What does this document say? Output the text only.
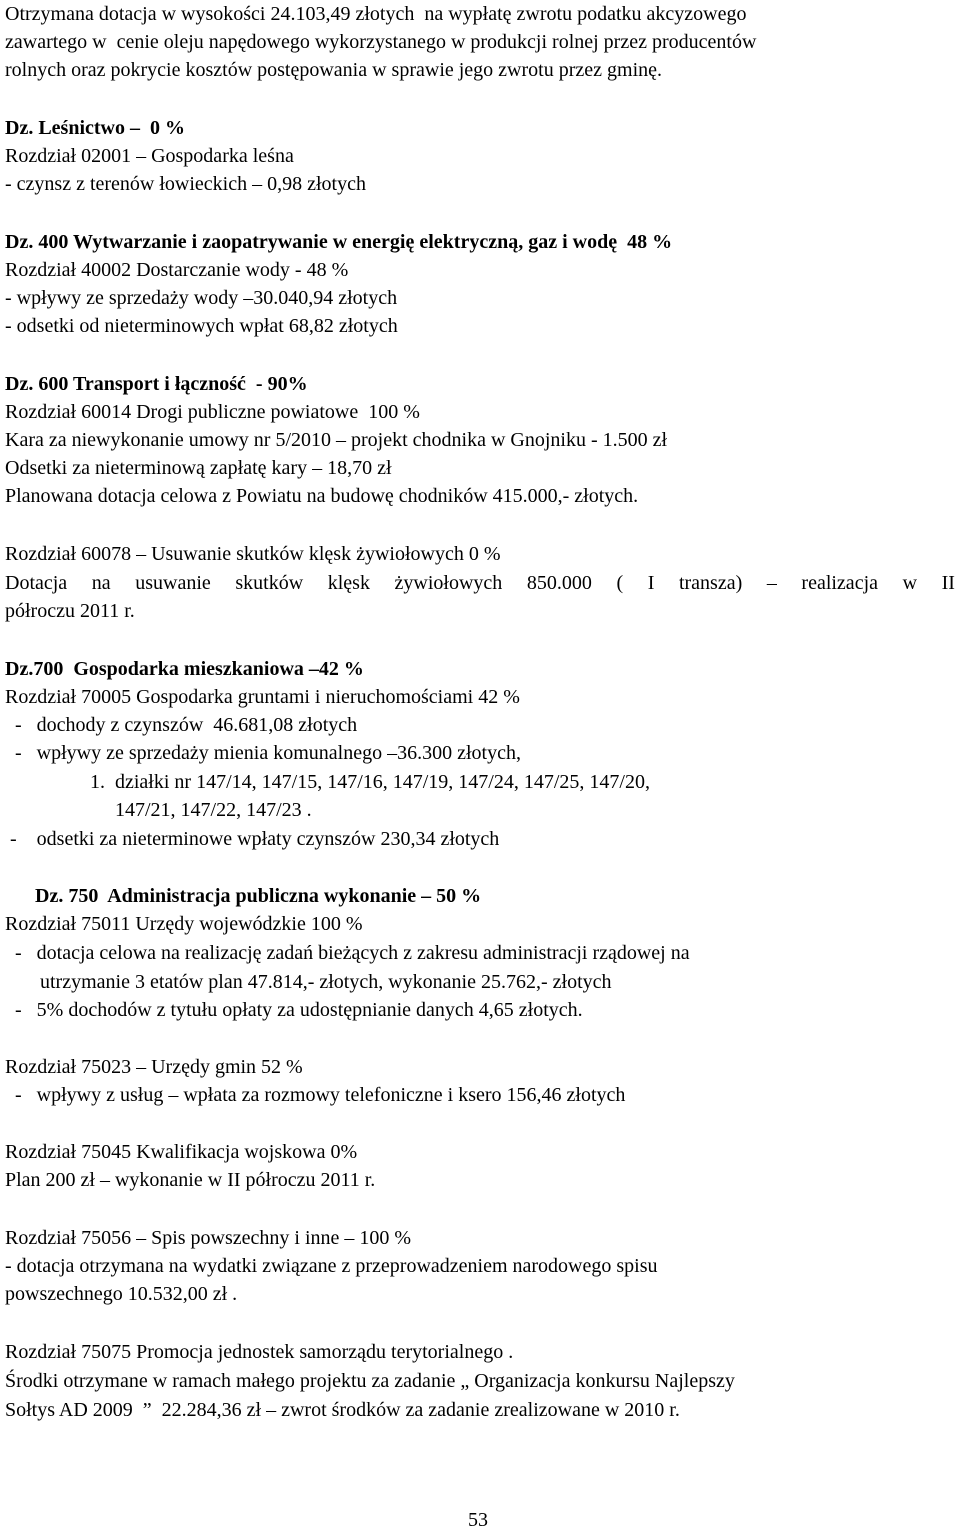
Otrzymana dotacja w wysokości 24.103,49 złotych  na wypłatę zwrotu podatku akcyzowego
zawartego w  cenie oleju napędowego wykorzystanego w produkcji rolnej przez producentów
rolnych oraz pokrycie kosztów postępowania w sprawie jego zwrotu przez gminę.
Dz. Leśnictwo –  0 %
Rozdział 02001 – Gospodarka leśna
- czynsz z terenów łowieckich – 0,98 złotych
Dz. 400 Wytwarzanie i zaopatrywanie w energię elektryczną, gaz i wodę  48 %
Rozdział 40002 Dostarczanie wody - 48 %
- wpływy ze sprzedaży wody –30.040,94 złotych
- odsetki od nieterminowych wpłat 68,82 złotych
Dz. 600 Transport i łączność  - 90%
Rozdział 60014 Drogi publiczne powiatowe  100 %
Kara za niewykonanie umowy nr 5/2010 – projekt chodnika w Gnojniku - 1.500 zł
Odsetki za nieterminową zapłatę kary – 18,70 zł
Planowana dotacja celowa z Powiatu na budowę chodników 415.000,- złotych.
Rozdział 60078 – Usuwanie skutków klęsk żywiołowych 0 %
Dotacja na usuwanie skutków klęsk żywiołowych 850.000 ( I transza) – realizacja w II
półroczu 2011 r.
Dz.700  Gospodarka mieszkaniowa –42 %
Rozdział 70005 Gospodarka gruntami i nieruchomościami 42 %
-   dochody z czynszów  46.681,08 złotych
-   wpływy ze sprzedaży mienia komunalnego –36.300 złotych,
1.  działki nr 147/14, 147/15, 147/16, 147/19, 147/24, 147/25, 147/20,
147/21, 147/22, 147/23 .
-    odsetki za nieterminowe wpłaty czynszów 230,34 złotych
Dz. 750  Administracja publiczna wykonanie – 50 %
Rozdział 75011 Urzędy wojewódzkie 100 %
-   dotacja celowa na realizację zadań bieżących z zakresu administracji rządowej na
utrzymanie 3 etatów plan 47.814,- złotych, wykonanie 25.762,- złotych
-   5% dochodów z tytułu opłaty za udostępnianie danych 4,65 złotych.
Rozdział 75023 – Urzędy gmin 52 %
-   wpływy z usług – wpłata za rozmowy telefoniczne i ksero 156,46 złotych
Rozdział 75045 Kwalifikacja wojskowa 0%
Plan 200 zł – wykonanie w II półroczu 2011 r.
Rozdział 75056 – Spis powszechny i inne – 100 %
- dotacja otrzymana na wydatki związane z przeprowadzeniem narodowego spisu
powszechnego 10.532,00 zł .
Rozdział 75075 Promocja jednostek samorządu terytorialnego .
Środki otrzymane w ramach małego projektu za zadanie „ Organizacja konkursu Najlepszy
Sołtys AD 2009  ”  22.284,36 zł – zwrot środków za zadanie zrealizowane w 2010 r.
53
